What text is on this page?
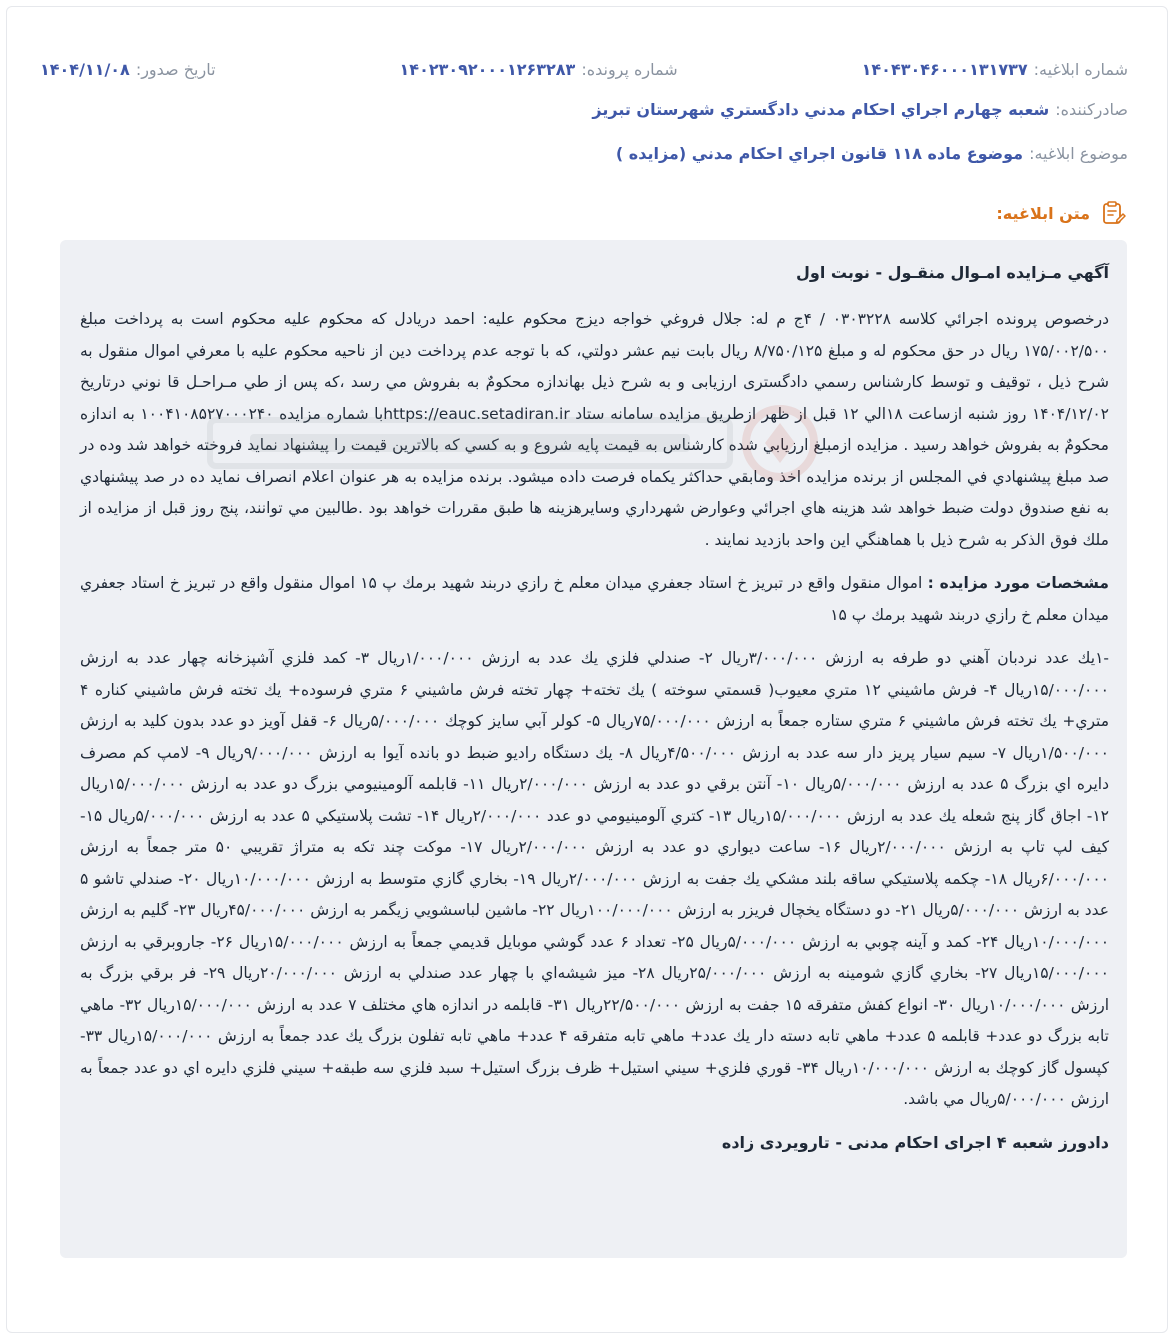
شماره ابلاغیه:
۱۴۰۴۳۰۴۶۰۰۰۱۳۱۷۳۷
شماره پرونده:
۱۴۰۲۳۰۹۲۰۰۰۱۲۶۳۲۸۳
تاریخ صدور:
۱۴۰۴/۱۱/۰۸
صادرکننده:
شعبه چهارم اجراي احكام مدني دادگستري شهرستان تبريز
موضوع ابلاغیه:
موضوع ماده ۱۱۸ قانون اجراي احكام مدني (مزايده )
متن ابلاغیه:
آگهي مـزايده امـوال منقـول - نوبت اول

درخصوص پرونده اجرائي كلاسه ۰۳۰۳۲۲۸ / ۴ج م له: جلال فروغي خواجه ديزج محكوم عليه: احمد دريادل كه محكوم عليه محكوم است به پرداخت مبلغ ۱۷۵/۰۰۲/۵۰۰ ريال در حق محكوم له و مبلغ ۸/۷۵۰/۱۲۵ ريال بابت نيم عشر دولتي، كه با توجه عدم پرداخت دين از ناحيه محكوم عليه با معرفي اموال منقول به شرح ذيل ، توقيف و توسط كارشناس رسمي دادگستری ارزیابی و به شرح ذيل بهاندازه محكومٌ به بفروش مي رسد ،كه پس از طي مـراحـل قا نوني درتاريخ ۱۴۰۴/۱۲/۰۲ روز شنبه ازساعت ۱۸الي ۱۲ قبل از ظهر ازطريق مزايده سامانه ستاد https://eauc.setadiran.irبا شماره مزايده ۱۰۰۴۱۰۸۵۲۷۰۰۰۲۴۰ به اندازه محكومٌ به بفروش خواهد رسيد . مزايده ازمبلغ ارزيابي شده كارشناس به قيمت پايه شروع و به كسي كه بالاترين قيمت را پيشنهاد نمايد فروخته خواهد شد وده در صد مبلغ پيشنهادي في المجلس از برنده مزايده اخذ ومابقي حداكثر يكماه فرصت داده ميشود. برنده مزايده به هر عنوان اعلام انصراف نمايد ده در صد پيشنهادي به نفع صندوق دولت ضبط خواهد شد هزينه هاي اجرائي وعوارض شهرداري وسايرهزينه ها طبق مقررات خواهد بود .طالبين مي توانند، پنج روز قبل از مزايده از ملك فوق الذكر به شرح ذيل با هماهنگي اين واحد بازديد نمايند .

مشخصات مورد مزايده : اموال منقول واقع در تبريز خ استاد جعفري ميدان معلم خ رازي دربند شهيد برمك پ ۱۵ اموال منقول واقع در تبريز خ استاد جعفري ميدان معلم خ رازي دربند شهيد برمك پ ۱۵

-۱يك عدد نردبان آهني دو طرفه به ارزش ۳/۰۰۰/۰۰۰ريال ۲- صندلي فلزي يك عدد به ارزش ۱/۰۰۰/۰۰۰ريال ۳- كمد فلزي آشپزخانه چهار عدد به ارزش ۱۵/۰۰۰/۰۰۰ريال ۴- فرش ماشيني ۱۲ متري معيوب( قسمتي سوخته ) يك تخته+ چهار تخته فرش ماشيني ۶ متري فرسوده+ يك تخته فرش ماشيني كناره ۴ متري+ يك تخته فرش ماشيني ۶ متري ستاره جمعاً به ارزش ۷۵/۰۰۰/۰۰۰ريال ۵- كولر آبي سايز كوچك ۵/۰۰۰/۰۰۰ريال ۶- قفل آويز دو عدد بدون كليد به ارزش ۱/۵۰۰/۰۰۰ريال ۷- سيم سيار پريز دار سه عدد به ارزش ۴/۵۰۰/۰۰۰ريال ۸- يك دستگاه راديو ضبط دو بانده آيوا به ارزش ۹/۰۰۰/۰۰۰ريال ۹- لامپ كم مصرف دايره اي بزرگ ۵ عدد به ارزش ۵/۰۰۰/۰۰۰ريال ۱۰- آنتن برقي دو عدد به ارزش ۲/۰۰۰/۰۰۰ريال ۱۱- قابلمه آلومينيومي بزرگ دو عدد به ارزش ۱۵/۰۰۰/۰۰۰ريال ۱۲- اجاق گاز پنج شعله يك عدد به ارزش ۱۵/۰۰۰/۰۰۰ريال ۱۳- كتري آلومينيومي دو عدد ۲/۰۰۰/۰۰۰ريال ۱۴- تشت پلاستيكي ۵ عدد به ارزش ۵/۰۰۰/۰۰۰ريال ۱۵- كيف لپ تاپ به ارزش ۲/۰۰۰/۰۰۰ريال ۱۶- ساعت ديواري دو عدد به ارزش ۲/۰۰۰/۰۰۰ريال ۱۷- موكت چند تكه به متراژ تقريبي ۵۰ متر جمعاً به ارزش ۶/۰۰۰/۰۰۰ريال ۱۸- چكمه پلاستيكي ساقه بلند مشكي يك جفت به ارزش ۲/۰۰۰/۰۰۰ريال ۱۹- بخاري گازي متوسط به ارزش ۱۰/۰۰۰/۰۰۰ريال ۲۰- صندلي تاشو ۵ عدد به ارزش ۵/۰۰۰/۰۰۰ريال ۲۱- دو دستگاه يخچال فريزر به ارزش ۱۰۰/۰۰۰/۰۰۰ريال ۲۲- ماشين لباسشويي زيگمر به ارزش ۴۵/۰۰۰/۰۰۰ريال ۲۳- گليم به ارزش ۱۰/۰۰۰/۰۰۰ريال ۲۴- كمد و آينه چوبي به ارزش ۵/۰۰۰/۰۰۰ريال ۲۵- تعداد ۶ عدد گوشي موبايل قديمي جمعاً به ارزش ۱۵/۰۰۰/۰۰۰ريال ۲۶- جاروبرقي به ارزش ۱۵/۰۰۰/۰۰۰ريال ۲۷- بخاري گازي شومينه به ارزش ۲۵/۰۰۰/۰۰۰ريال ۲۸- ميز شيشه‌اي با چهار عدد صندلي به ارزش ۲۰/۰۰۰/۰۰۰ريال ۲۹- فر برقي بزرگ به ارزش ۱۰/۰۰۰/۰۰۰ريال ۳۰- انواع كفش متفرقه ۱۵ جفت به ارزش ۲۲/۵۰۰/۰۰۰ريال ۳۱- قابلمه در اندازه هاي مختلف ۷ عدد به ارزش ۱۵/۰۰۰/۰۰۰ريال ۳۲- ماهي تابه بزرگ دو عدد+ قابلمه ۵ عدد+ ماهي تابه دسته دار يك عدد+ ماهي تابه متفرقه ۴ عدد+ ماهي تابه تفلون بزرگ يك عدد جمعاً به ارزش ۱۵/۰۰۰/۰۰۰ريال ۳۳- كپسول گاز كوچك به ارزش ۱۰/۰۰۰/۰۰۰ريال ۳۴- قوري فلزي+ سيني استيل+ ظرف بزرگ استيل+ سبد فلزي سه طبقه+ سيني فلزي دايره اي دو عدد جمعاً به ارزش ۵/۰۰۰/۰۰۰ريال مي باشد.

دادورز شعبه ۴ اجرای احکام مدنی - تارویردی زاده
